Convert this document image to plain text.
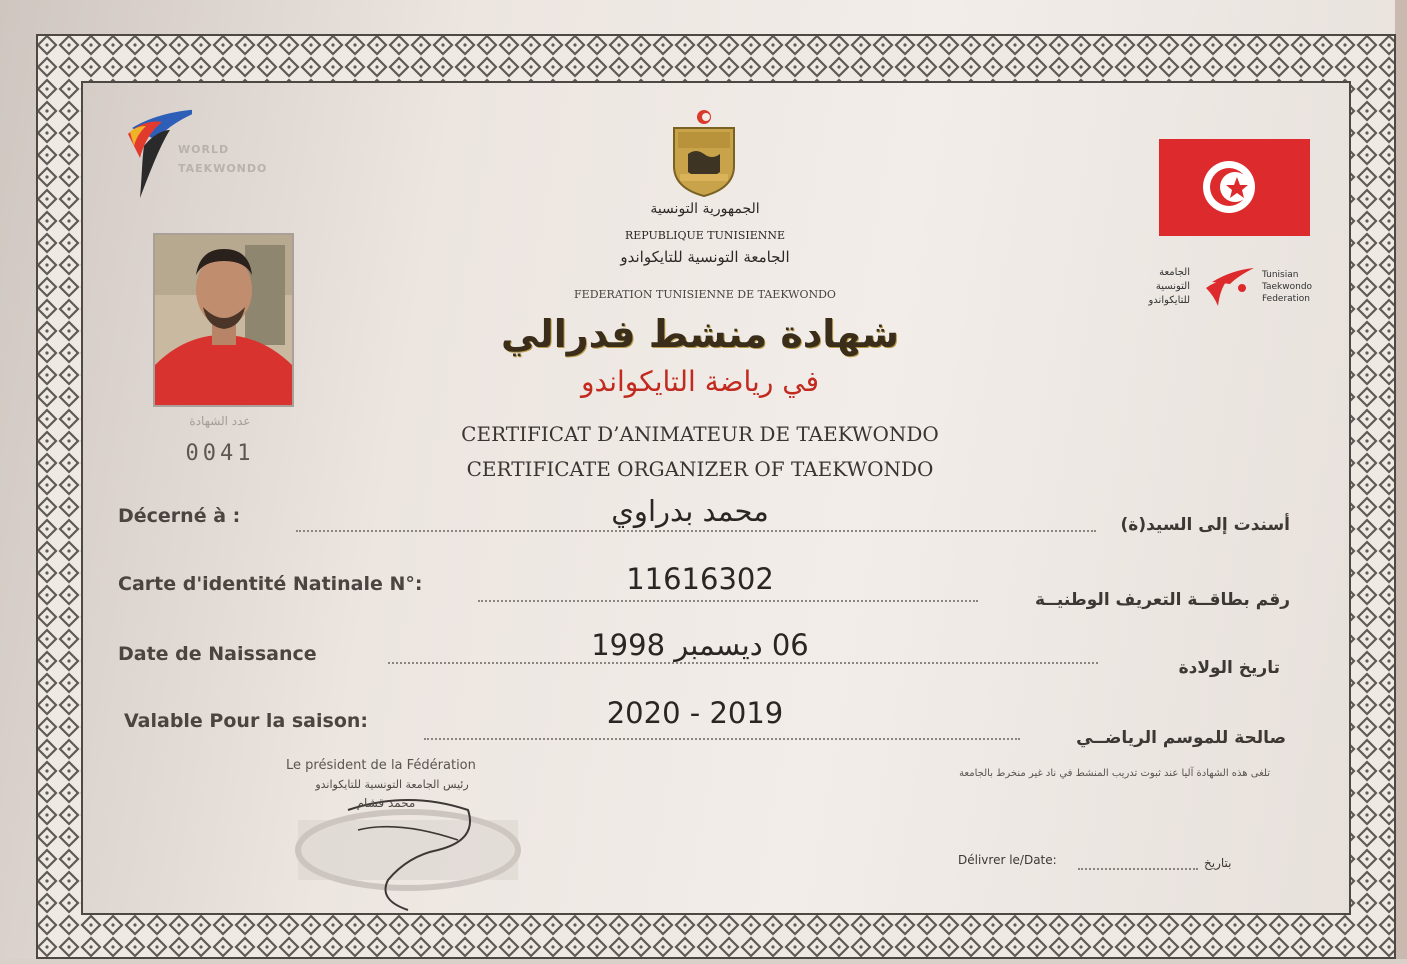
WORLD
TAEKWONDO
عدد الشهادة
0041
الجمهورية التونسية
REPUBLIQUE TUNISIENNE
الجامعة التونسية للتايكواندو
FEDERATION TUNISIENNE DE TAEKWONDO
شهادة منشط فدرالي
في رياضة التايكواندو
CERTIFICAT D’ANIMATEUR DE TAEKWONDO
CERTIFICATE ORGANIZER OF TAEKWONDO
الجامعة
التونسية
للتايكواندو
Tunisian
Taekwondo
Federation
Décerné à :	محمد بدراوي	أسندت إلى السيد(ة)
Carte d'identité Natinale N°:	11616302
رقم بطاقــة التعريف الوطنيــة
Date de Naissance	06 ديسمبر 1998
تاريخ الولادة
Valable Pour la saison:	2020 - 2019
صالحة للموسم الرياضــي
Le président de la Fédération
رئيس الجامعة التونسية للتايكواندو
محمد قشام
تلغى هذه الشهادة آليا عند ثبوت تدريب المنشط في ناد غير منخرط بالجامعة
Délivrer le/Date:	بتاريخ
